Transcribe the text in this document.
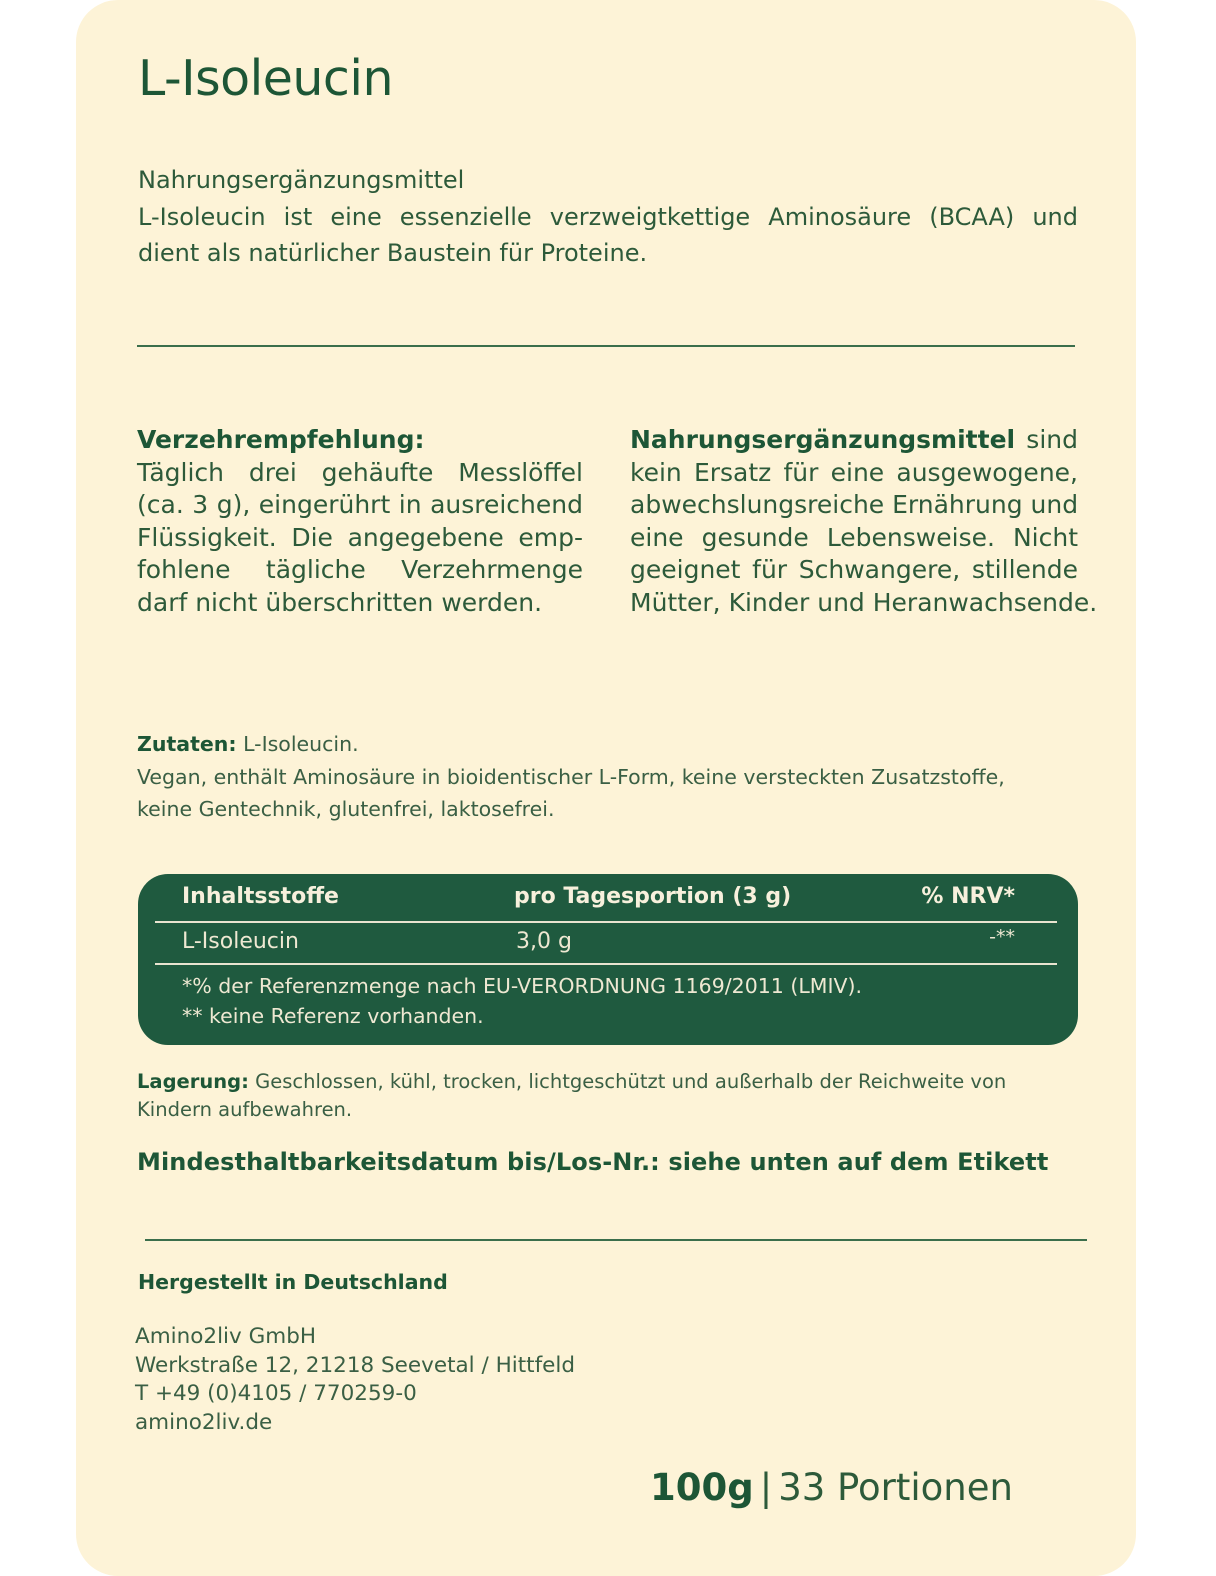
L-Isoleucin
Nahrungsergänzungsmittel
L-Isoleucin ist eine essenzielle verzweigtkettige Aminosäure (BCAA) und
dient als natürlicher Baustein für Proteine.
Verzehrempfehlung:
Täglich drei gehäufte Messlöffel
(ca. 3 g), eingerührt in ausreichend
Flüssigkeit. Die angegebene emp-
fohlene tägliche Verzehrmenge
darf nicht überschritten werden.
Nahrungsergänzungsmittel sind
kein Ersatz für eine ausgewogene,
abwechslungsreiche Ernährung und
eine gesunde Lebensweise. Nicht
geeignet für Schwangere, stillende
Mütter, Kinder und Heranwachsende.
Zutaten: L-Isoleucin.
Vegan, enthält Aminosäure in bioidentischer L-Form, keine versteckten Zusatzstoffe,
keine Gentechnik, glutenfrei, laktosefrei.
Inhaltsstoffe	pro Tagesportion (3 g)	% NRV*
L-Isoleucin	3,0 g	-**
*% der Referenzmenge nach EU-VERORDNUNG 1169/2011 (LMIV).
** keine Referenz vorhanden.
Lagerung: Geschlossen, kühl, trocken, lichtgeschützt und außerhalb der Reichweite von
Kindern aufbewahren.
Mindesthaltbarkeitsdatum bis/Los-Nr.: siehe unten auf dem Etikett
Hergestellt in Deutschland
Amino2liv GmbH
Werkstraße 12, 21218 Seevetal / Hittfeld
T +49 (0)4105 / 770259-0
amino2liv.de
100g | 33 Portionen
